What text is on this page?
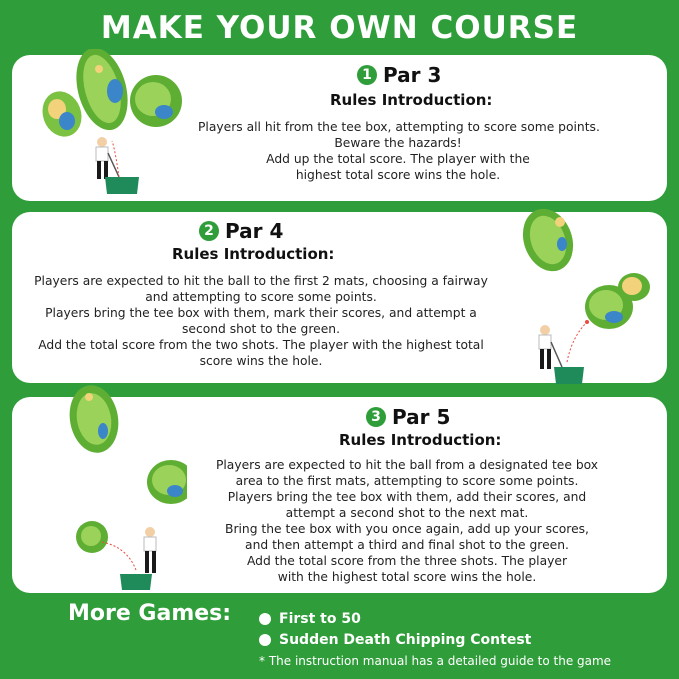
MAKE YOUR OWN COURSE
1 Par 3
Rules Introduction:
Players all hit from the tee box, attempting to score some points.
Beware the hazards!
Add up the total score. The player with the
highest total score wins the hole.
2 Par 4
Rules Introduction:
Players are expected to hit the ball to the first 2 mats, choosing a fairway
and attempting to score some points.
Players bring the tee box with them, mark their scores, and attempt a
second shot to the green.
Add the total score from the two shots. The player with the highest total
score wins the hole.
3 Par 5
Rules Introduction:
Players are expected to hit the ball from a designated tee box
area to the first mats, attempting to score some points.
Players bring the tee box with them, add their scores, and
attempt a second shot to the next mat.
Bring the tee box with you once again, add up your scores,
and then attempt a third and final shot to the green.
Add the total score from the three shots. The player
with the highest total score wins the hole.
More Games:	First to 50
Sudden Death Chipping Contest
* The instruction manual has a detailed guide to the game
